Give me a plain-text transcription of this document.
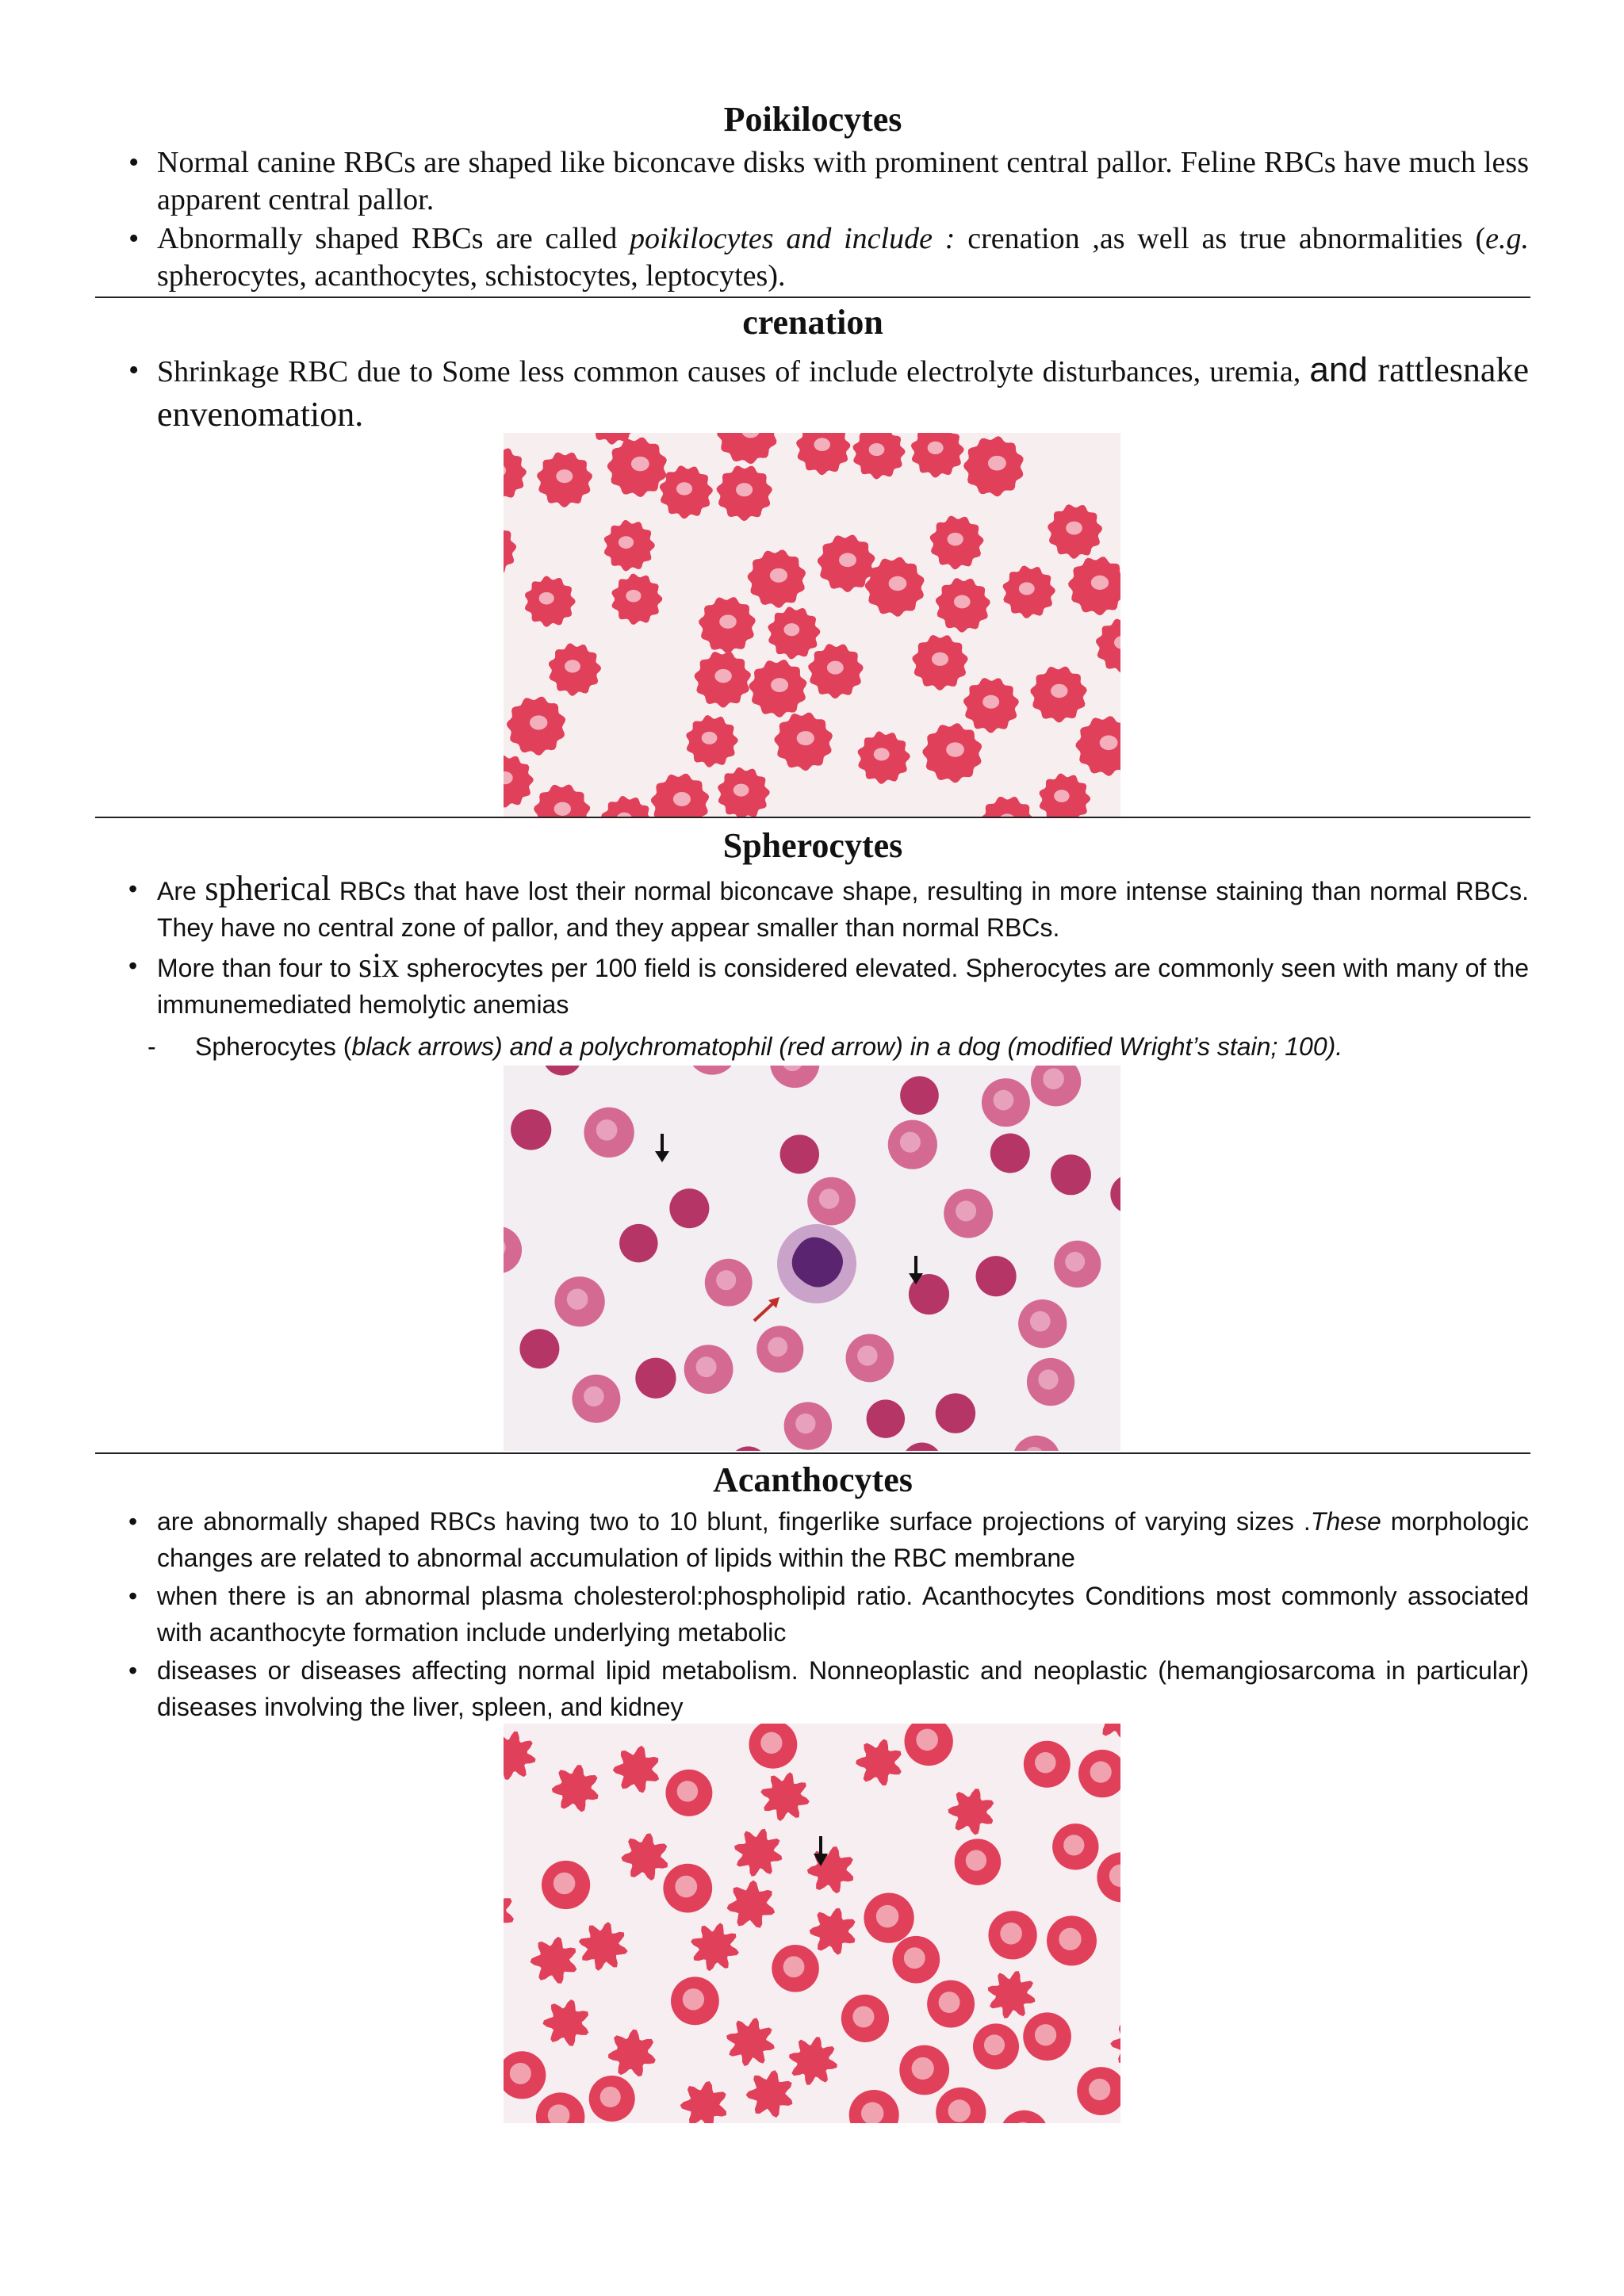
Poikilocytes
• Normal canine RBCs are shaped like biconcave disks with prominent central pallor. Feline RBCs have much less apparent central pallor.
• Abnormally shaped RBCs are called poikilocytes and include : crenation ,as well as true abnormalities (e.g. spherocytes, acanthocytes, schistocytes, leptocytes).
crenation
• Shrinkage RBC due to Some less common causes of include electrolyte disturbances, uremia, and rattlesnake envenomation.
Spherocytes
• Are spherical RBCs that have lost their normal biconcave shape, resulting in more intense staining than normal RBCs. They have no central zone of pallor, and they appear smaller than normal RBCs.
• More than four to six spherocytes per 100 field is considered elevated. Spherocytes are commonly seen with many of the immunemediated hemolytic anemias
- Spherocytes (black arrows) and a polychromatophil (red arrow) in a dog (modified Wright’s stain; 100).
Acanthocytes
• are abnormally shaped RBCs having two to 10 blunt, fingerlike surface projections of varying sizes .These morphologic changes are related to abnormal accumulation of lipids within the RBC membrane
• when there is an abnormal plasma cholesterol:phospholipid ratio. Acanthocytes Conditions most commonly associated with acanthocyte formation include underlying metabolic
• diseases or diseases affecting normal lipid metabolism. Nonneoplastic and neoplastic (hemangiosarcoma in particular) diseases involving the liver, spleen, and kidney
